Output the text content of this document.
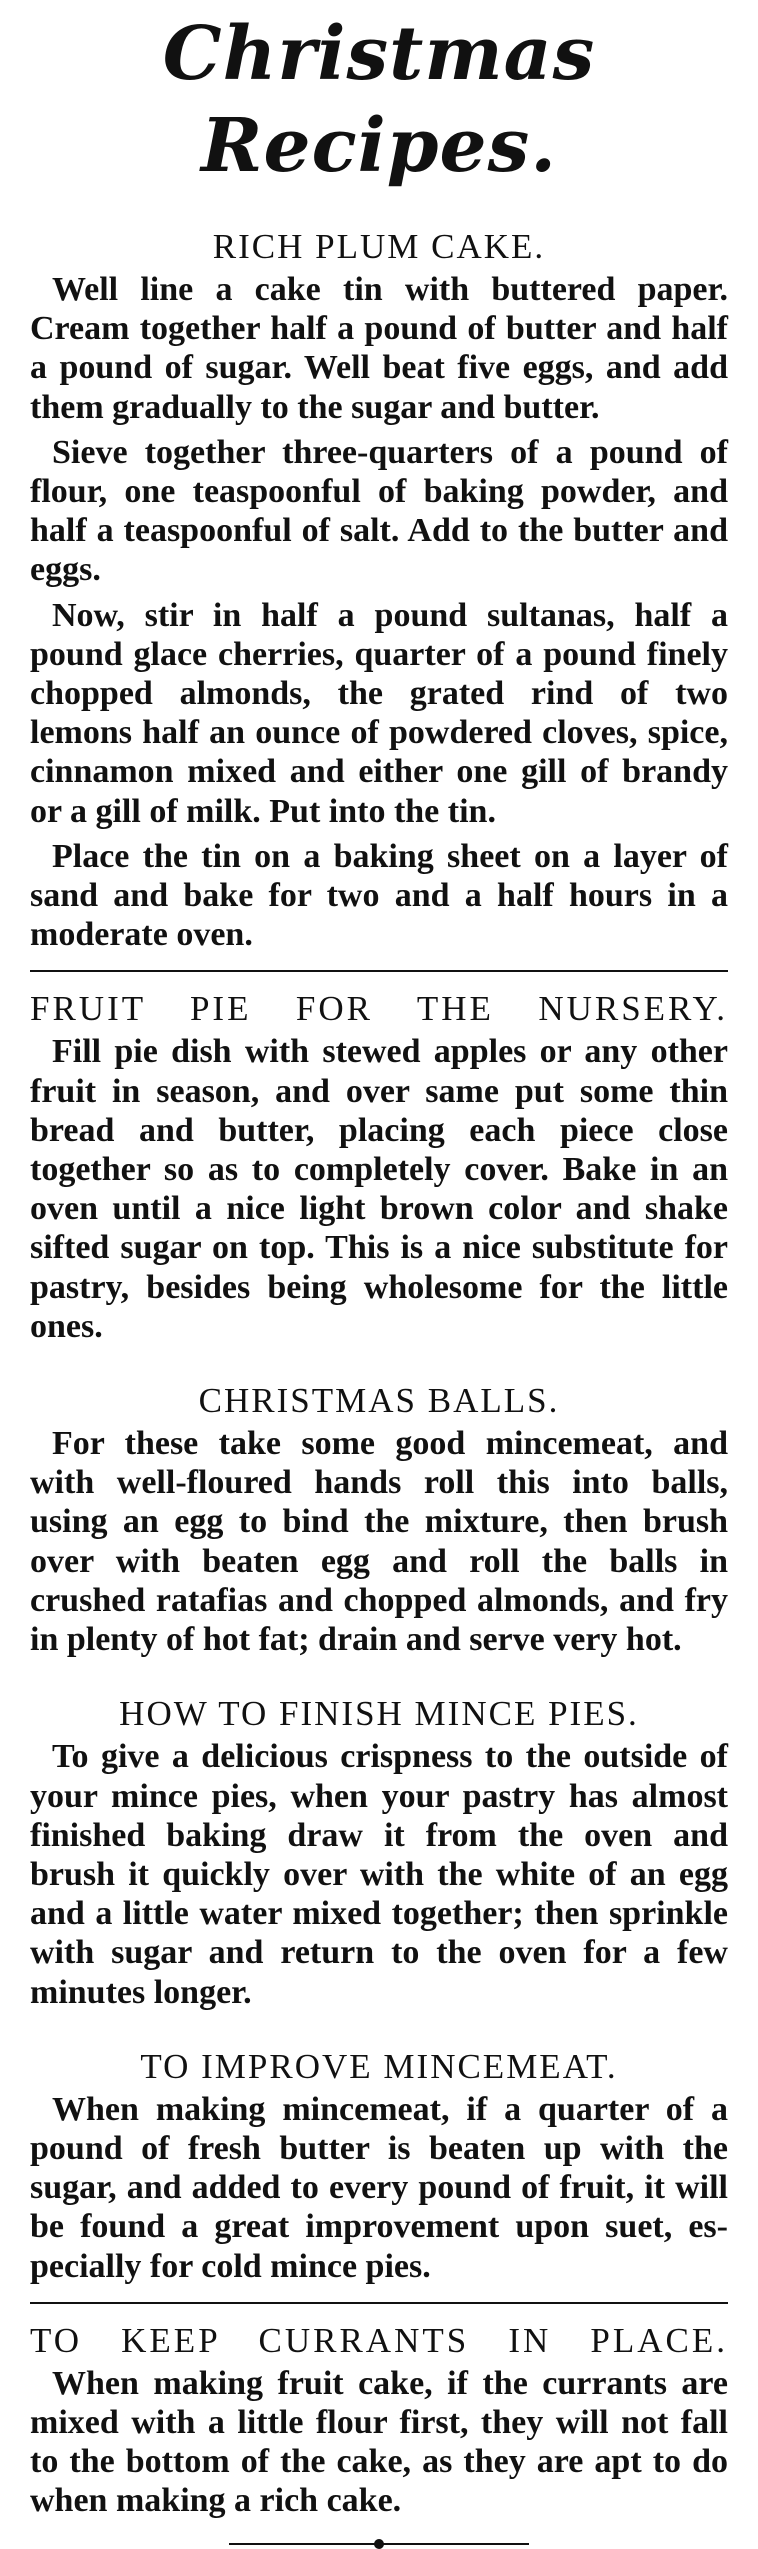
Christmas Recipes.
RICH PLUM CAKE.

Well line a cake tin with buttered paper. Cream together half a pound of butter and half a pound of sugar. Well beat five eggs, and add them gradually to the sugar and butter.

Sieve together three-quarters of a pound of flour, one teaspoonful of baking powder, and half a teaspoonful of salt. Add to the butter and eggs.

Now, stir in half a pound sultanas, half a pound glace cherries, quarter of a pound finely chopped almonds, the grated rind of two lemons half an ounce of powdered cloves, spice, cinnamon mixed and either one gill of brandy or a gill of milk. Put into the tin.

Place the tin on a baking sheet on a layer of sand and bake for two and a half hours in a moderate oven.

FRUIT PIE FOR THE NURSERY.

Fill pie dish with stewed apples or any other fruit in season, and over same put some thin bread and butter, placing each piece close together so as to completely cover. Bake in an oven until a nice light brown color and shake sifted sugar on top. This is a nice substitute for pastry, besides being wholesome for the little ones.

CHRISTMAS BALLS.

For these take some good mincemeat, and with well-floured hands roll this into balls, using an egg to bind the mixture, then brush over with beaten egg and roll the balls in crushed ratafias and chopped almonds, and fry in plenty of hot fat; drain and serve very hot.

HOW TO FINISH MINCE PIES.

To give a delicious crispness to the outside of your mince pies, when your pastry has almost finished baking draw it from the oven and brush it quickly over with the white of an egg and a little water mixed together; then sprinkle with sugar and return to the oven for a few minutes longer.

TO IMPROVE MINCEMEAT.

When making mincemeat, if a quarter of a pound of fresh butter is beaten up with the sugar, and added to every pound of fruit, it will be found a great improvement upon suet, especially for cold mince pies.

TO KEEP CURRANTS IN PLACE.

When making fruit cake, if the currants are mixed with a little flour first, they will not fall to the bottom of the cake, as they are apt to do when making a rich cake.
